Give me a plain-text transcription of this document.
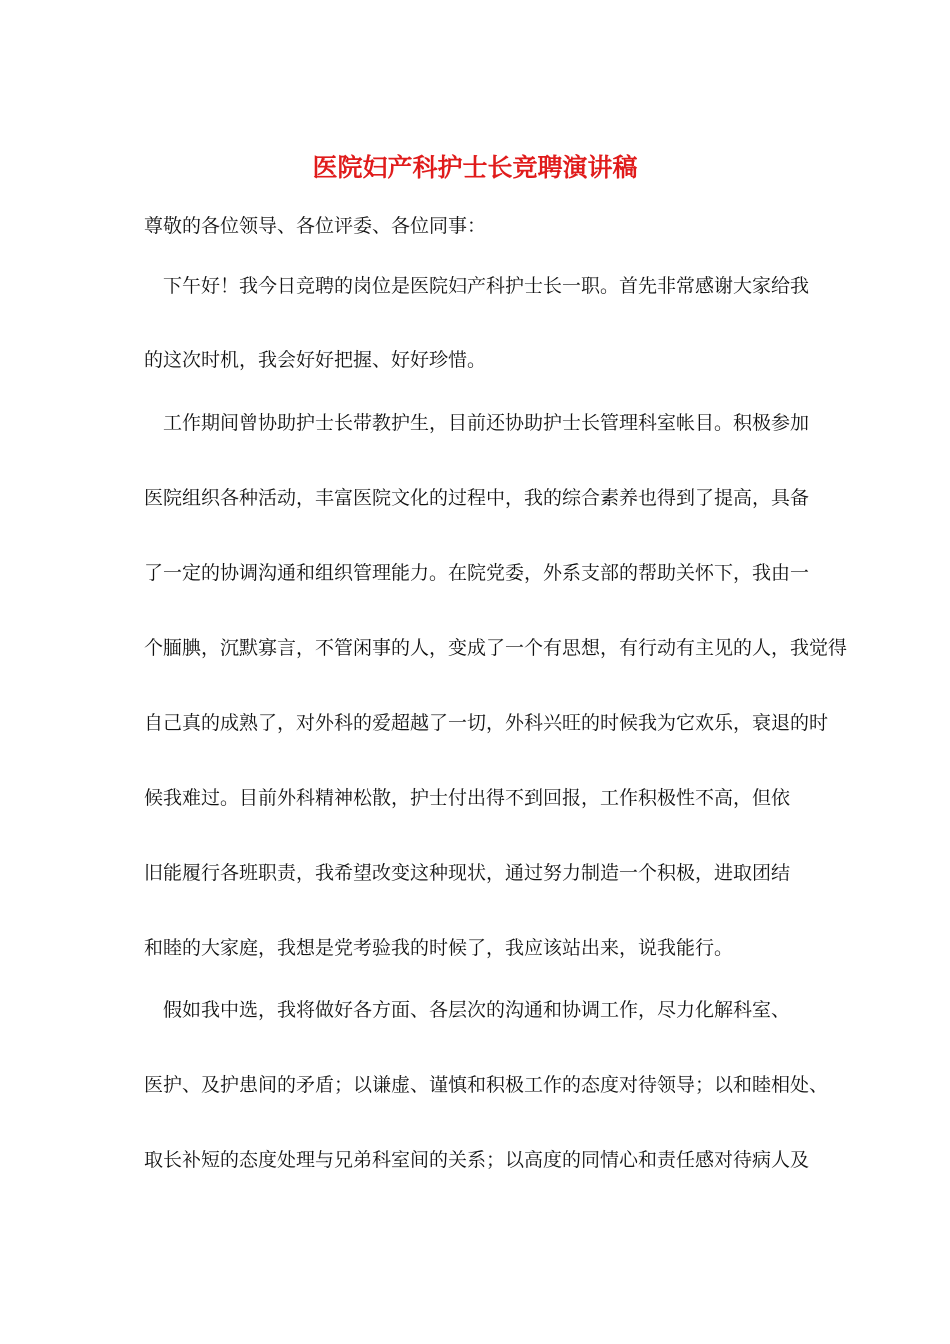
医院妇产科护士长竞聘演讲稿

尊敬的各位领导、各位评委、各位同事：

　下午好！我今日竞聘的岗位是医院妇产科护士长一职。首先非常感谢大家给我

的这次时机，我会好好把握、好好珍惜。

　工作期间曾协助护士长带教护生，目前还协助护士长管理科室帐目。积极参加

医院组织各种活动，丰富医院文化的过程中，我的综合素养也得到了提高，具备

了一定的协调沟通和组织管理能力。在院党委，外系支部的帮助关怀下，我由一

个腼腆，沉默寡言，不管闲事的人，变成了一个有思想，有行动有主见的人，我觉得

自己真的成熟了，对外科的爱超越了一切，外科兴旺的时候我为它欢乐，衰退的时

候我难过。目前外科精神松散，护士付出得不到回报，工作积极性不高，但依

旧能履行各班职责，我希望改变这种现状，通过努力制造一个积极，进取团结

和睦的大家庭，我想是党考验我的时候了，我应该站出来，说我能行。

　假如我中选，我将做好各方面、各层次的沟通和协调工作，尽力化解科室、

医护、及护患间的矛盾；以谦虚、谨慎和积极工作的态度对待领导；以和睦相处、

取长补短的态度处理与兄弟科室间的关系；以高度的同情心和责任感对待病人及
